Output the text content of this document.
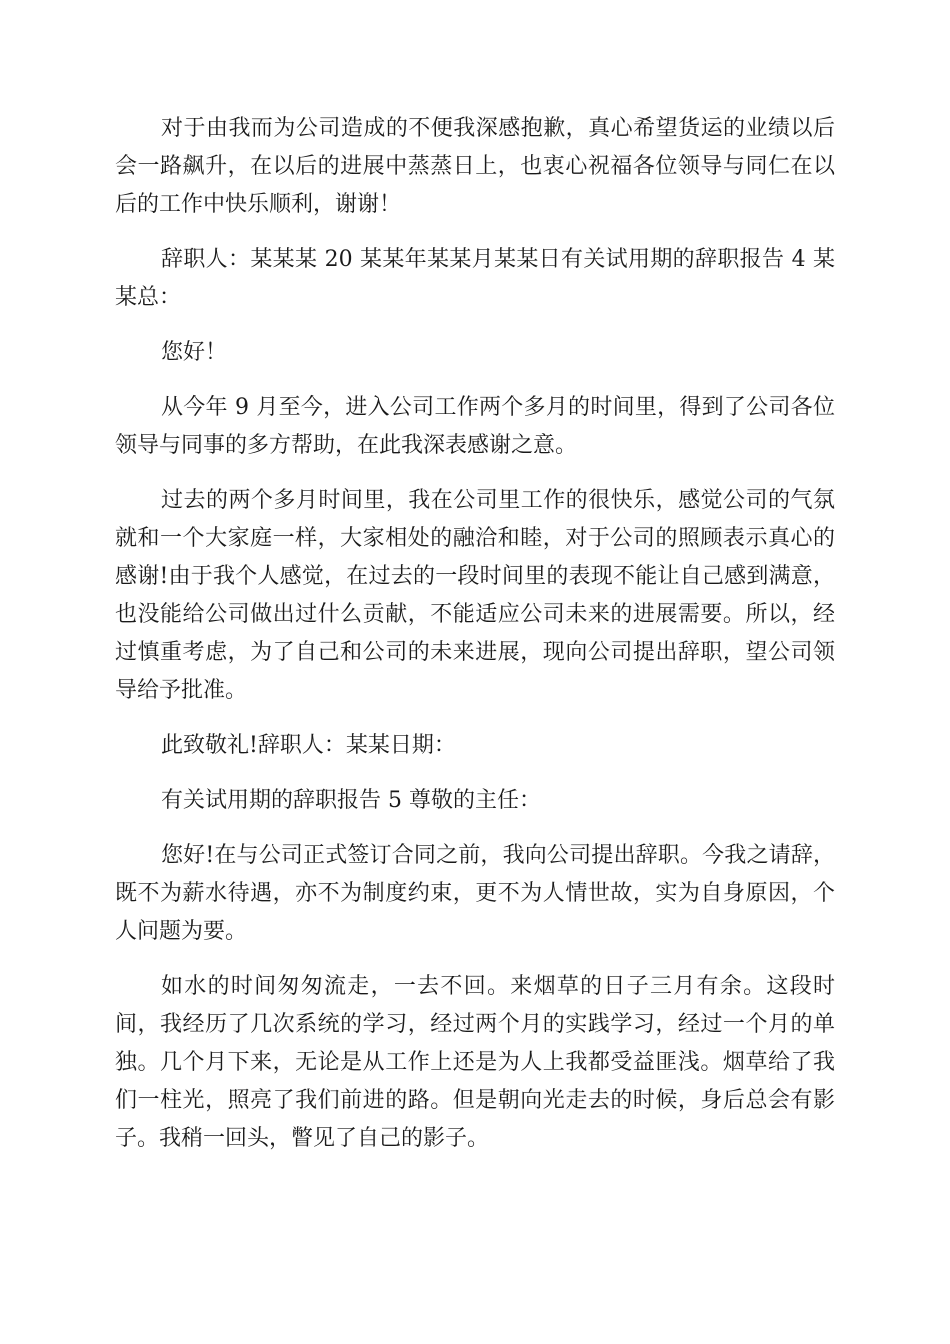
对于由我而为公司造成的不便我深感抱歉，真心希望货运的业绩以后会一路飙升，在以后的进展中蒸蒸日上，也衷心祝福各位领导与同仁在以后的工作中快乐顺利，谢谢！

辞职人：某某某 20 某某年某某月某某日有关试用期的辞职报告 4 某某总：

您好！

从今年 9 月至今，进入公司工作两个多月的时间里，得到了公司各位领导与同事的多方帮助，在此我深表感谢之意。

过去的两个多月时间里，我在公司里工作的很快乐，感觉公司的气氛就和一个大家庭一样，大家相处的融洽和睦，对于公司的照顾表示真心的感谢!由于我个人感觉，在过去的一段时间里的表现不能让自己感到满意，也没能给公司做出过什么贡献，不能适应公司未来的进展需要。所以，经过慎重考虑，为了自己和公司的未来进展，现向公司提出辞职，望公司领导给予批准。

此致敬礼!辞职人：某某日期：

有关试用期的辞职报告 5 尊敬的主任：

您好!在与公司正式签订合同之前，我向公司提出辞职。今我之请辞，既不为薪水待遇，亦不为制度约束，更不为人情世故，实为自身原因，个人问题为要。

如水的时间匆匆流走，一去不回。来烟草的日子三月有余。这段时间，我经历了几次系统的学习，经过两个月的实践学习，经过一个月的单独。几个月下来，无论是从工作上还是为人上我都受益匪浅。烟草给了我们一柱光，照亮了我们前进的路。但是朝向光走去的时候，身后总会有影子。我稍一回头，瞥见了自己的影子。
